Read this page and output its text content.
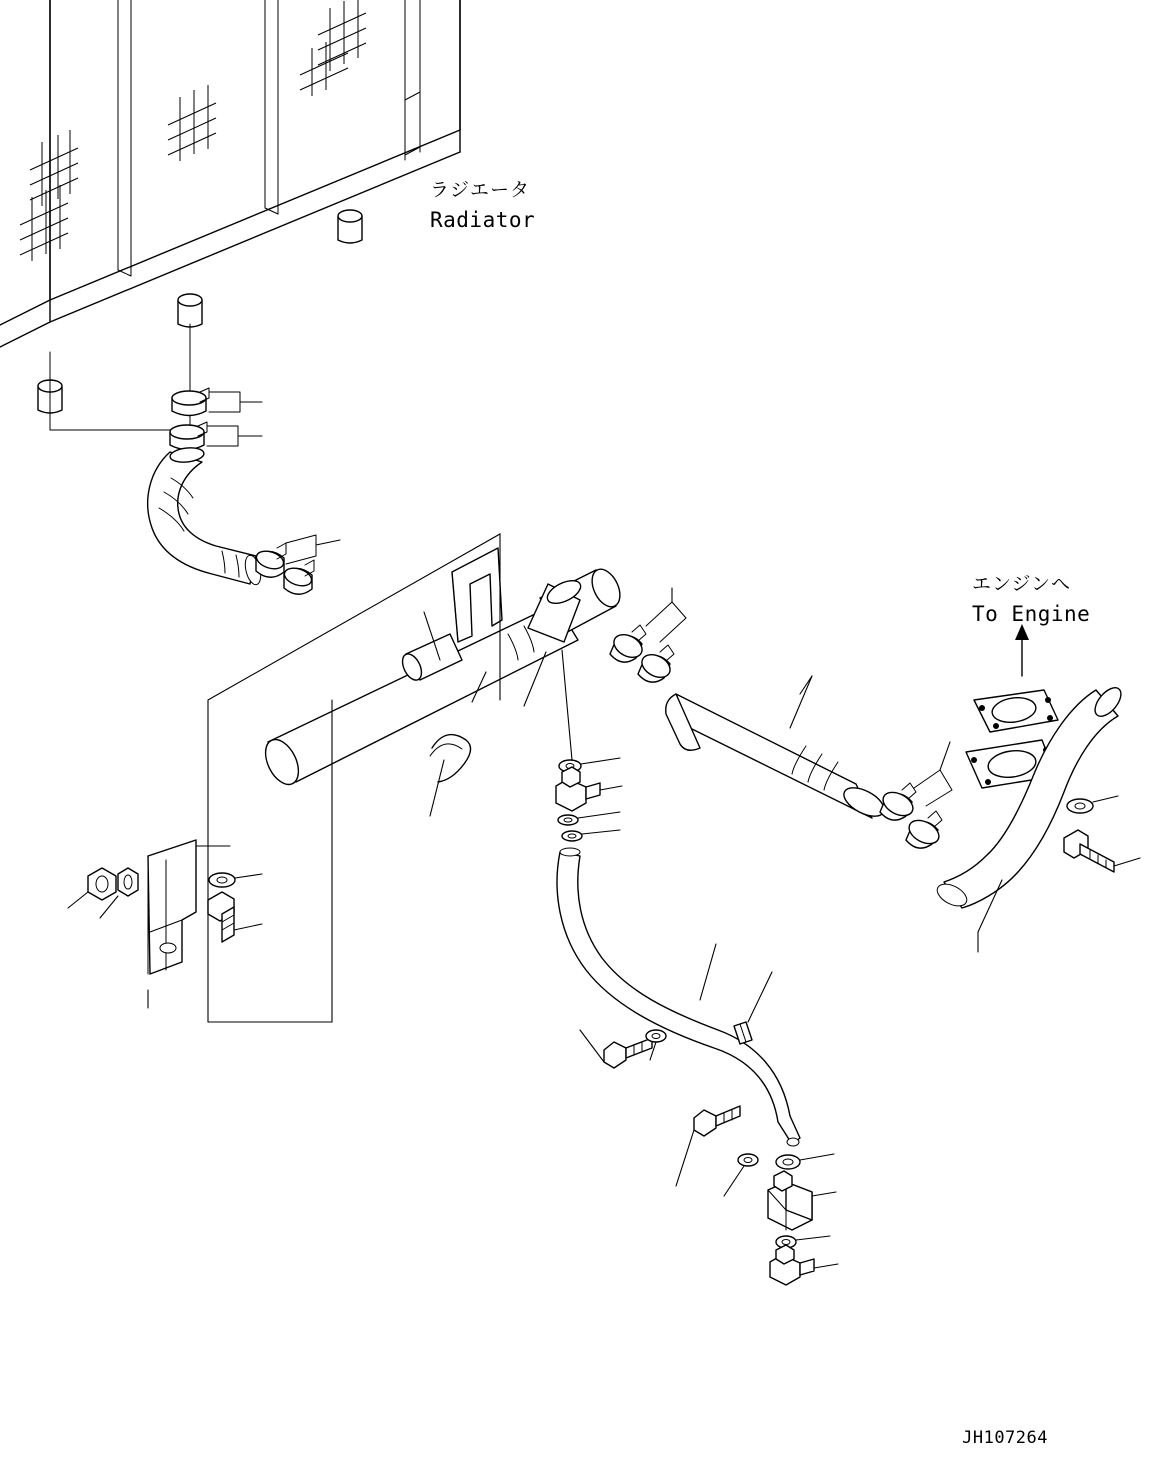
ラジエータ
Radiator
エンジンへ
To Engine
JH107264
